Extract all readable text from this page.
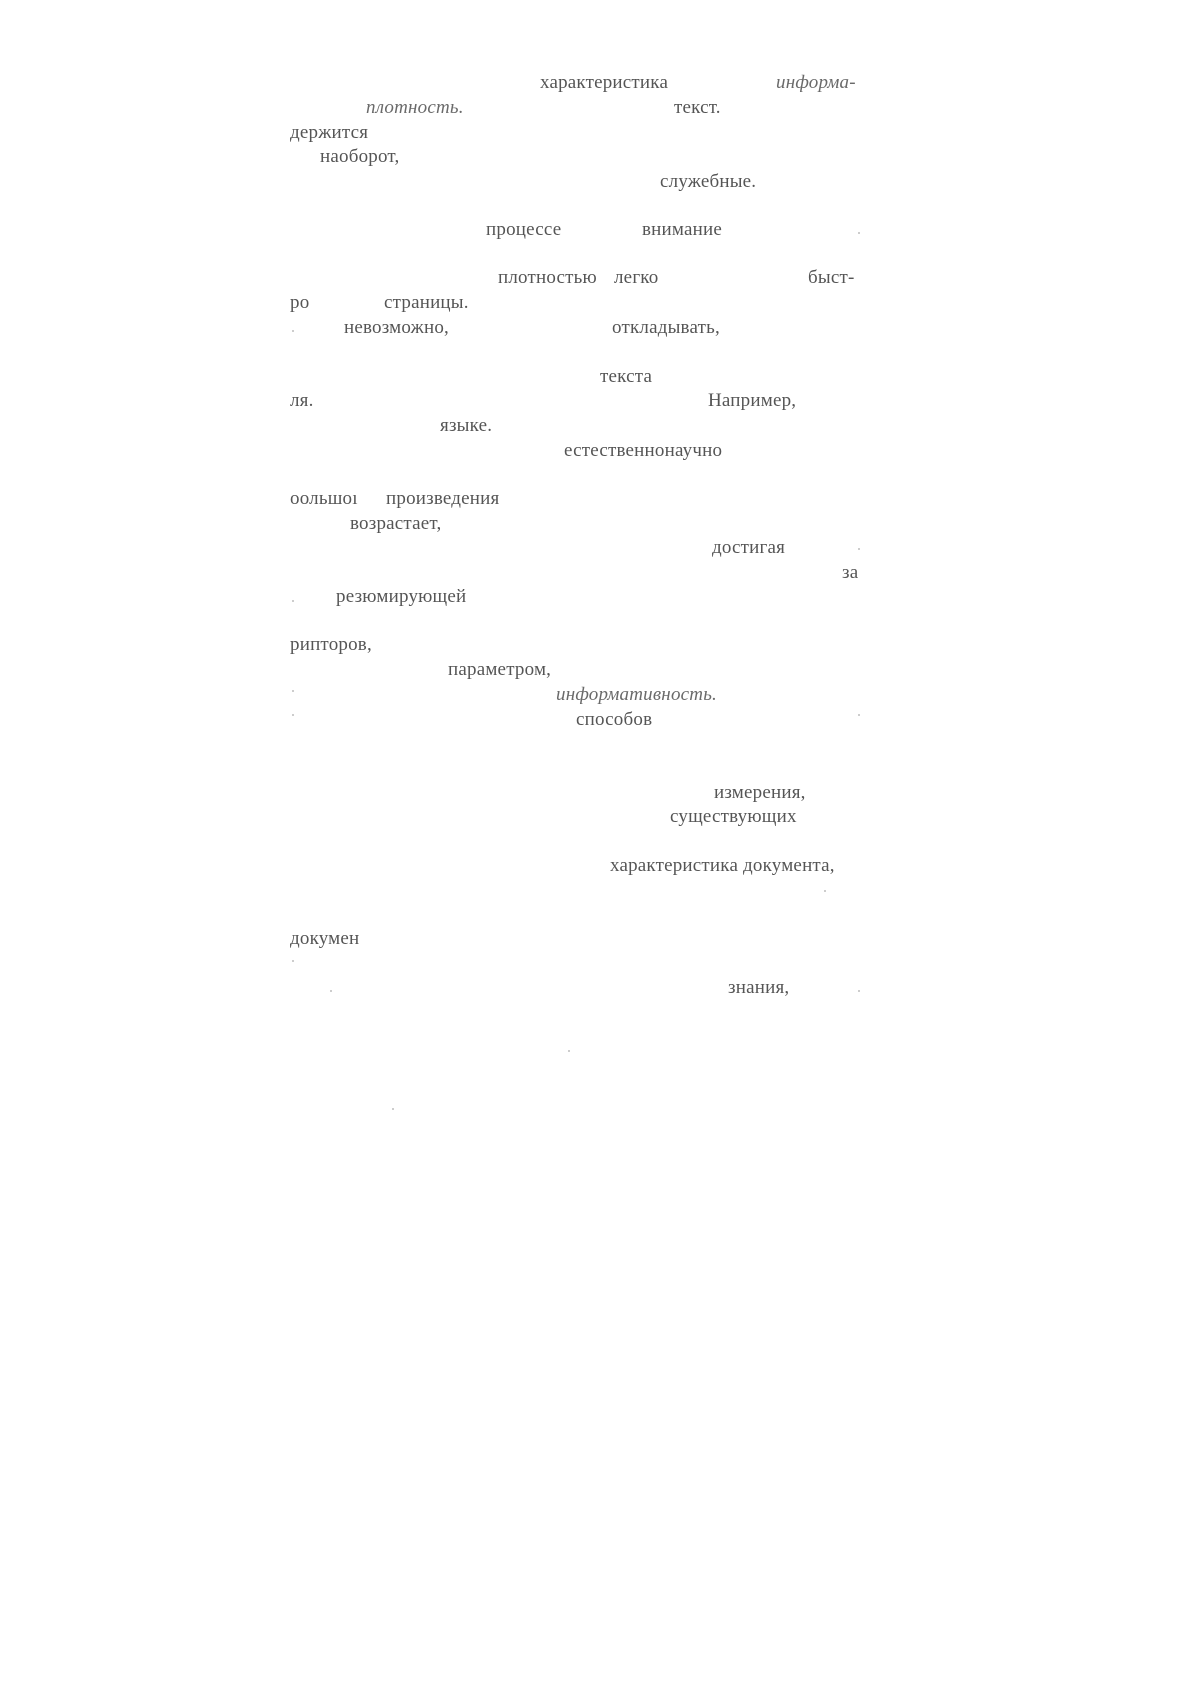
характеристика	информа-
плотность.	текст.
держится
наоборот,
служебные.
процессе	внимание
плотностью легко	быст-
ро	страницы.
невозможно,	откладывать,
текста
ля.	Например,
языке.
естественнонаучно
оольшоı произведения
возрастает,
достигая
за
резюмирующей
рипторов,
параметром,
информативность.
способов
измерения,
существующих
характеристика документа,
докумен
знания,
